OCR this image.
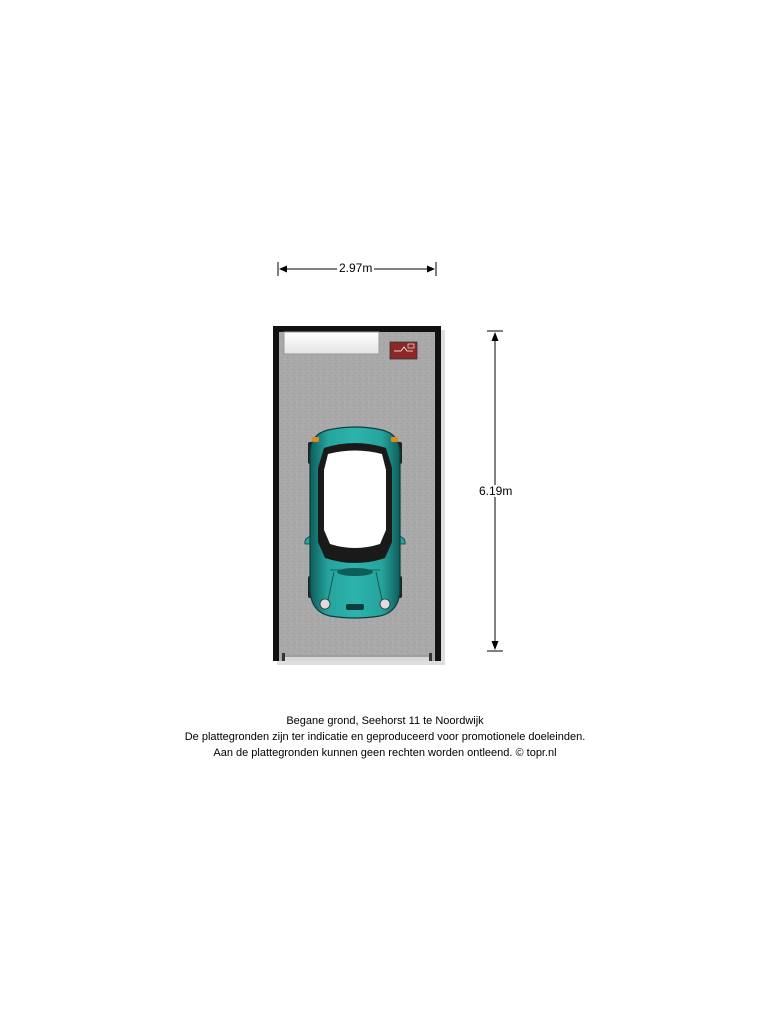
2.97m
6.19m
Begane grond, Seehorst 11 te Noordwijk
De plattegronden zijn ter indicatie en geproduceerd voor promotionele doeleinden.
Aan de plattegronden kunnen geen rechten worden ontleend. © topr.nl
